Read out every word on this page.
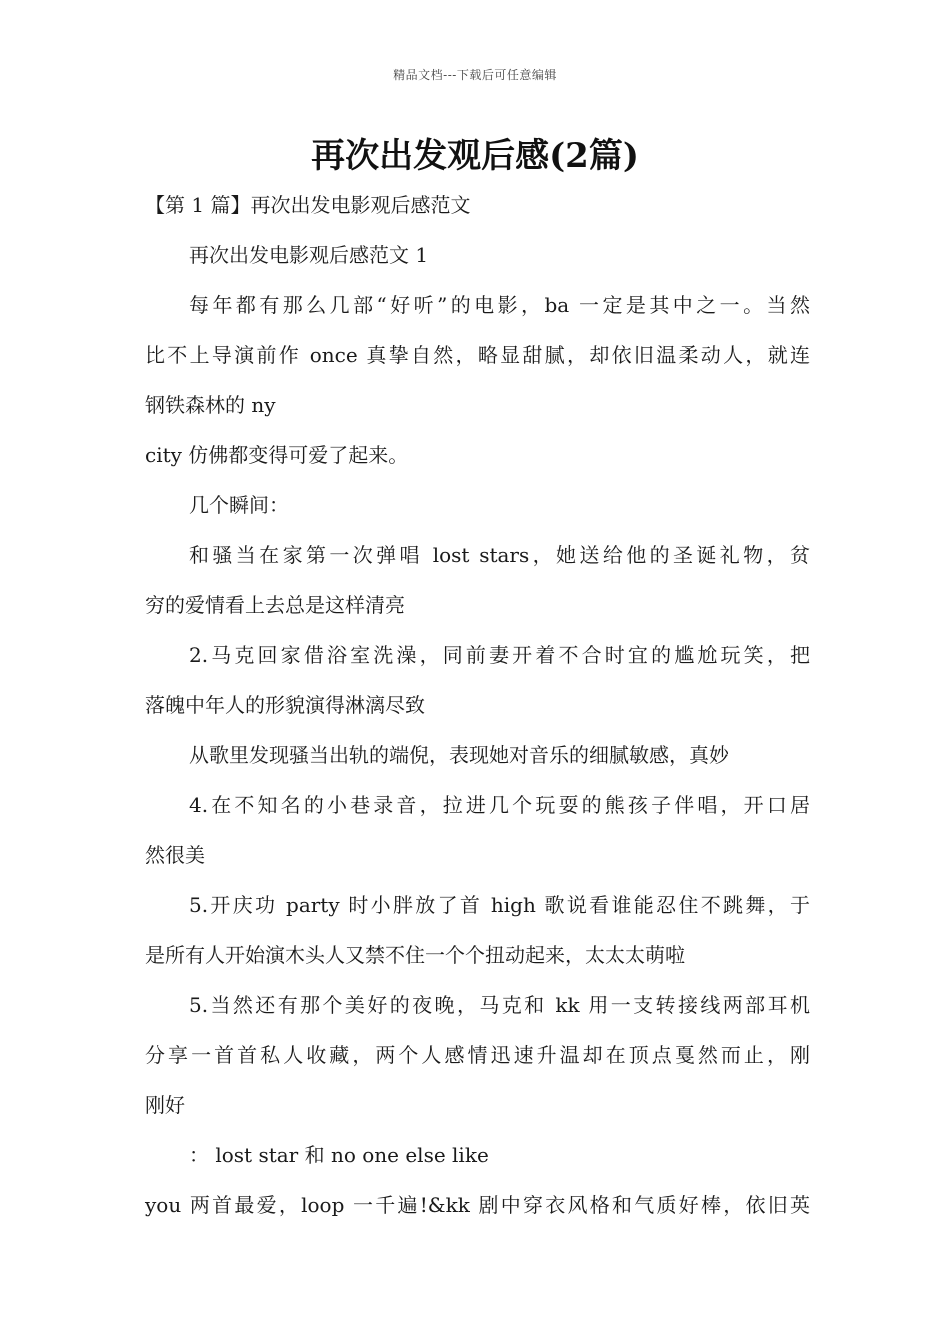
精品文档---下载后可任意编辑
再次出发观后感(2篇)
【第 1 篇】再次出发电影观后感范文
再次出发电影观后感范文 1
每年都有那么几部“好听”的电影，ba 一定是其中之一。当然
比不上导演前作 once 真挚自然，略显甜腻，却依旧温柔动人，就连
钢铁森林的 ny
city 仿佛都变得可爱了起来。
几个瞬间：
和骚当在家第一次弹唱 lost stars，她送给他的圣诞礼物，贫
穷的爱情看上去总是这样清亮
2.马克回家借浴室洗澡，同前妻开着不合时宜的尴尬玩笑，把
落魄中年人的形貌演得淋漓尽致
从歌里发现骚当出轨的端倪，表现她对音乐的细腻敏感，真妙
4.在不知名的小巷录音，拉进几个玩耍的熊孩子伴唱，开口居
然很美
5.开庆功 party 时小胖放了首 high 歌说看谁能忍住不跳舞，于
是所有人开始演木头人又禁不住一个个扭动起来，太太太萌啦
5.当然还有那个美好的夜晚，马克和 kk 用一支转接线两部耳机
分享一首首私人收藏，两个人感情迅速升温却在顶点戛然而止，刚
刚好
： lost star 和 no one else like
you 两首最爱，loop 一千遍!&kk 剧中穿衣风格和气质好棒，依旧英
